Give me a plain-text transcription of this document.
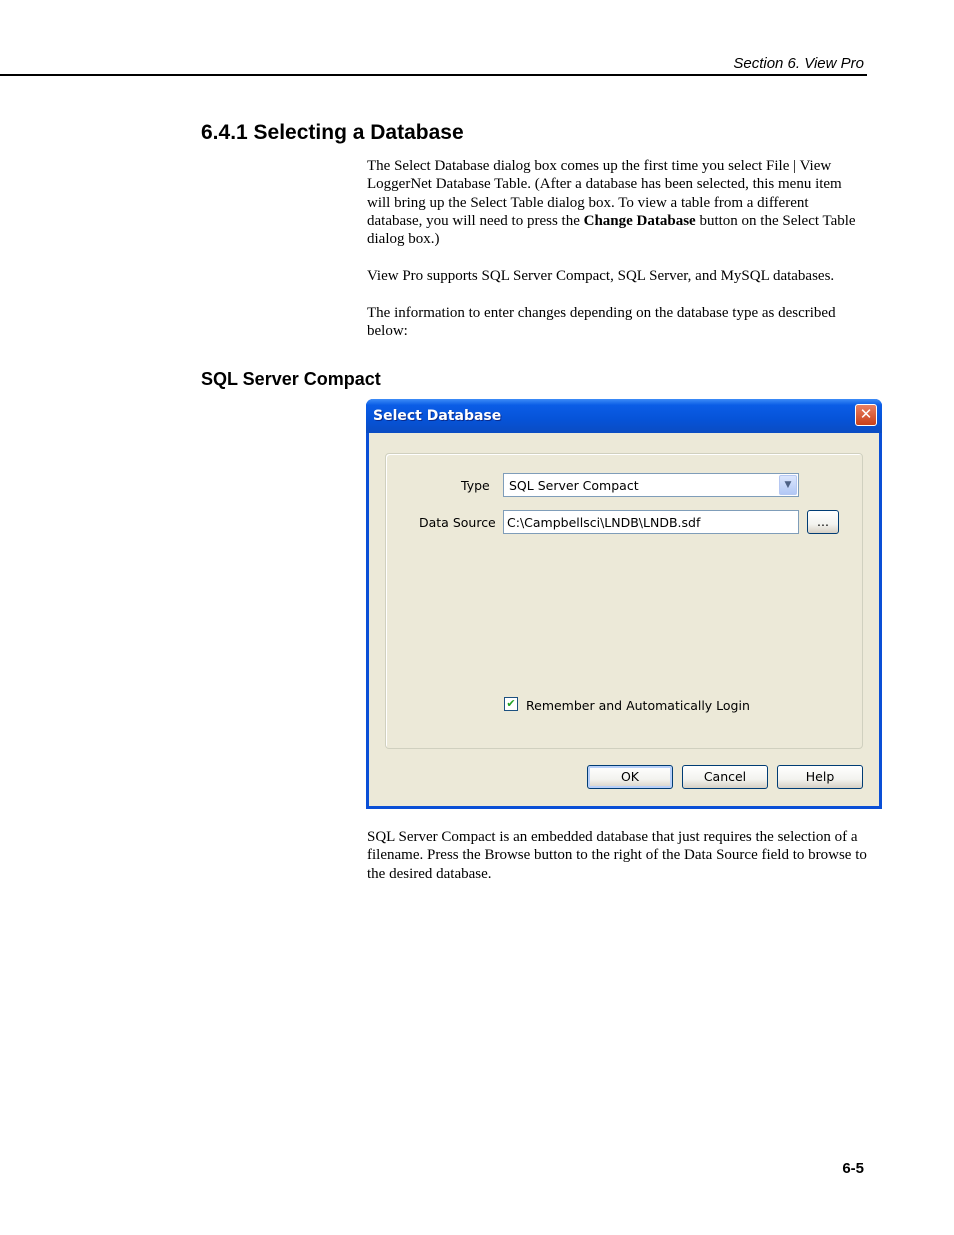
Section 6. View Pro
6.4.1 Selecting a Database

The Select Database dialog box comes up the first time you select File | View LoggerNet Database Table. (After a database has been selected, this menu item will bring up the Select Table dialog box. To view a table from a different database, you will need to press the Change Database button on the Select Table dialog box.)

View Pro supports SQL Server Compact, SQL Server, and MySQL databases.

The information to enter changes depending on the database type as described below:

SQL Server Compact
Select Database	✕
Type SQL Server Compact	▼
Data Source C:\Campbellsci\LNDB\LNDB.sdf	...
✔ Remember and Automatically Login
OK	Cancel	Help

SQL Server Compact is an embedded database that just requires the selection of a filename. Press the Browse button to the right of the Data Source field to browse to the desired database.

6-5
